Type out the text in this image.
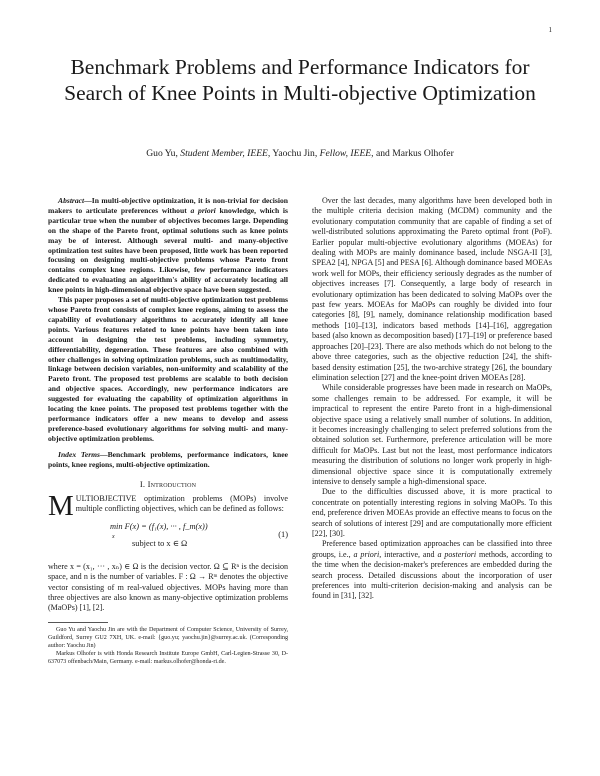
1
Benchmark Problems and Performance Indicators for Search of Knee Points in Multi-objective Optimization
Guo Yu, Student Member, IEEE, Yaochu Jin, Fellow, IEEE, and Markus Olhofer

Abstract—In multi-objective optimization, it is non-trivial for decision makers to articulate preferences without a priori knowledge, which is particular true when the number of objectives becomes large. Depending on the shape of the Pareto front, optimal solutions such as knee points may be of interest. Although several multi- and many-objective optimization test suites have been proposed, little work has been reported focusing on designing multi-objective problems whose Pareto front contains complex knee regions. Likewise, few performance indicators dedicated to evaluating an algorithm's ability of accurately locating all knee points in high-dimensional objective space have been suggested.

This paper proposes a set of multi-objective optimization test problems whose Pareto front consists of complex knee regions, aiming to assess the capability of evolutionary algorithms to accurately identify all knee points. Various features related to knee points have been taken into account in designing the test problems, including symmetry, differentiability, degeneration. These features are also combined with other challenges in solving optimization problems, such as multimodality, linkage between decision variables, non-uniformity and scalability of the Pareto front. The proposed test problems are scalable to both decision and objective spaces. Accordingly, new performance indicators are suggested for evaluating the capability of optimization algorithms in locating the knee points. The proposed test problems together with the performance indicators offer a new means to develop and assess preference-based evolutionary algorithms for solving multi- and many-objective optimization problems.

Index Terms—Benchmark problems, performance indicators, knee points, knee regions, multi-objective optimization.

I. Introduction

MULTIOBJECTIVE optimization problems (MOPs) involve multiple conflicting objectives, which can be defined as follows:

min F(x) = (f₁(x), ··· , f_m(x))
x
subject to x ∈ Ω
(1)

where x = (x₁, ··· , xₙ) ∈ Ω is the decision vector. Ω ⊆ Rⁿ is the decision space, and n is the number of variables. F : Ω → Rᵐ denotes the objective vector consisting of m real-valued objectives. MOPs having more than three objectives are also known as many-objective optimization problems (MaOPs) [1], [2].

Guo Yu and Yaochu Jin are with the Department of Computer Science, University of Surrey, Guildford, Surrey GU2 7XH, UK. e-mail: {guo.yu; yaochu.jin}@surrey.ac.uk. (Corresponding author: Yaochu Jin)

Markus Olhofer is with Honda Research Institute Europe GmbH, Carl-Legien-Strasse 30, D-637073 offenbach/Main, Germany. e-mail: markus.olhofer@honda-ri.de.

Over the last decades, many algorithms have been developed both in the multiple criteria decision making (MCDM) community and the evolutionary computation community that are capable of finding a set of well-distributed solutions approximating the Pareto optimal front (PoF). Earlier popular multi-objective evolutionary algorithms (MOEAs) for dealing with MOPs are mainly dominance based, include NSGA-II [3], SPEA2 [4], NPGA [5] and PESA [6]. Although dominance based MOEAs work well for MOPs, their efficiency seriously degrades as the number of objectives increases [7]. Consequently, a large body of research in evolutionary optimization has been dedicated to solving MaOPs over the past few years. MOEAs for MaOPs can roughly be divided into four categories [8], [9], namely, dominance relationship modification based methods [10]–[13], indicators based methods [14]–[16], aggregation based (also known as decomposition based) [17]–[19] or preference based approaches [20]–[23]. There are also methods which do not belong to the above three categories, such as the objective reduction [24], the shift-based density estimation [25], the two-archive strategy [26], the boundary elimination selection [27] and the knee-point driven MOEAs [28].

While considerable progresses have been made in research on MaOPs, some challenges remain to be addressed. For example, it will be impractical to represent the entire Pareto front in a high-dimensional objective space using a relatively small number of solutions. In addition, it becomes increasingly challenging to select preferred solutions from the obtained solution set. Furthermore, preference articulation will be more difficult for MaOPs. Last but not the least, most performance indicators measuring the distribution of solutions no longer work properly in high-dimensional objective space since it is computationally extremely intensive to densely sample a high-dimensional space.

Due to the difficulties discussed above, it is more practical to concentrate on potentially interesting regions in solving MaOPs. To this end, preference driven MOEAs provide an effective means to focus on the search of solutions of interest [29] and are computationally more efficient [22], [30].

Preference based optimization approaches can be classified into three groups, i.e., a priori, interactive, and a posteriori methods, according to the time when the decision-maker's preferences are embedded during the search process. Detailed discussions about the incorporation of user preferences into multi-criterion decision-making and analysis can be found in [31], [32].
